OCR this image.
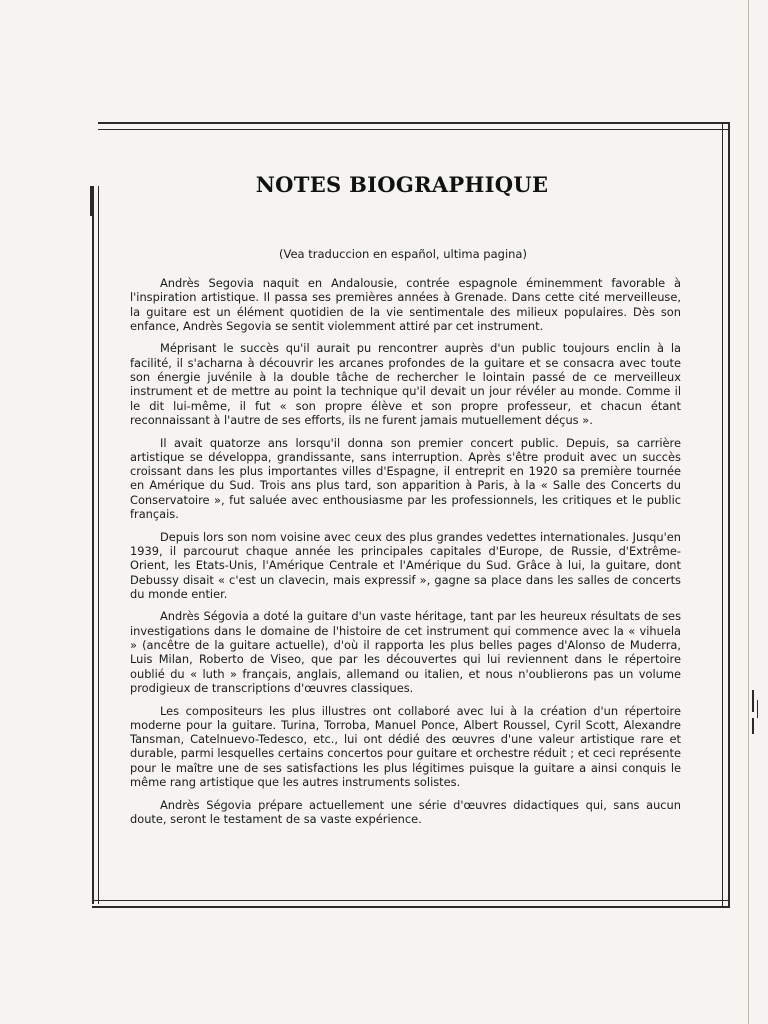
NOTES BIOGRAPHIQUE
(Vea traduccion en español, ultima pagina)

Andrès Segovia naquit en Andalousie, contrée espagnole éminemment favorable à l'inspiration artistique. Il passa ses premières années à Grenade. Dans cette cité merveilleuse, la guitare est un élément quotidien de la vie sentimentale des milieux populaires. Dès son enfance, Andrès Segovia se sentit violemment attiré par cet instrument.

Méprisant le succès qu'il aurait pu rencontrer auprès d'un public toujours enclin à la facilité, il s'acharna à découvrir les arcanes profondes de la guitare et se consacra avec toute son énergie juvénile à la double tâche de rechercher le lointain passé de ce merveilleux instrument et de mettre au point la technique qu'il devait un jour révéler au monde. Comme il le dit lui-même, il fut « son propre élève et son propre professeur, et chacun étant reconnaissant à l'autre de ses efforts, ils ne furent jamais mutuellement déçus ».

Il avait quatorze ans lorsqu'il donna son premier concert public. Depuis, sa carrière artistique se développa, grandissante, sans interruption. Après s'être produit avec un succès croissant dans les plus importantes villes d'Espagne, il entreprit en 1920 sa première tournée en Amérique du Sud. Trois ans plus tard, son apparition à Paris, à la « Salle des Concerts du Conservatoire », fut saluée avec enthousiasme par les professionnels, les critiques et le public français.

Depuis lors son nom voisine avec ceux des plus grandes vedettes internationales. Jusqu'en 1939, il parcourut chaque année les principales capitales d'Europe, de Russie, d'Extrême-Orient, les Etats-Unis, l'Amérique Centrale et l'Amérique du Sud. Grâce à lui, la guitare, dont Debussy disait « c'est un clavecin, mais expressif », gagne sa place dans les salles de concerts du monde entier.

Andrès Ségovia a doté la guitare d'un vaste héritage, tant par les heureux résultats de ses investigations dans le domaine de l'histoire de cet instrument qui commence avec la « vihuela » (ancêtre de la guitare actuelle), d'où il rapporta les plus belles pages d'Alonso de Muderra, Luis Milan, Roberto de Viseo, que par les découvertes qui lui reviennent dans le répertoire oublié du « luth » français, anglais, allemand ou italien, et nous n'oublierons pas un volume prodigieux de transcriptions d'œuvres classiques.

Les compositeurs les plus illustres ont collaboré avec lui à la création d'un répertoire moderne pour la guitare. Turina, Torroba, Manuel Ponce, Albert Roussel, Cyril Scott, Alexandre Tansman, Catelnuevo-Tedesco, etc., lui ont dédié des œuvres d'une valeur artistique rare et durable, parmi lesquelles certains concertos pour guitare et orchestre réduit ; et ceci représente pour le maître une de ses satisfactions les plus légitimes puisque la guitare a ainsi conquis le même rang artistique que les autres instruments solistes.

Andrès Ségovia prépare actuellement une série d'œuvres didactiques qui, sans aucun doute, seront le testament de sa vaste expérience.
